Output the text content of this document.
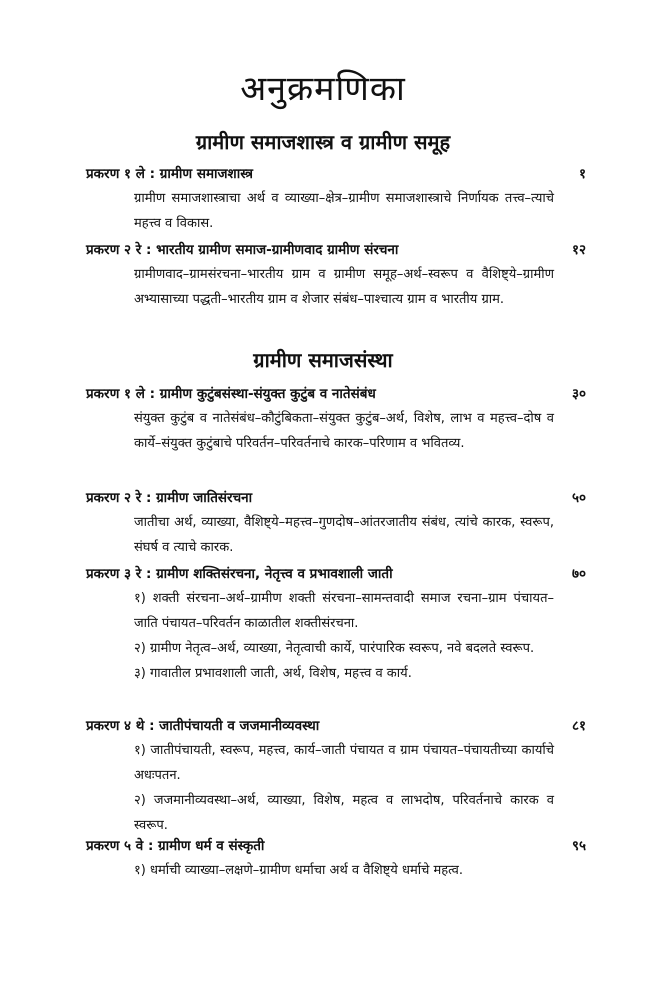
अनुक्रमणिका
ग्रामीण समाजशास्त्र व ग्रामीण समूह
प्रकरण १ ले : ग्रामीण समाजशास्त्र	१
ग्रामीण समाजशास्त्राचा अर्थ व व्याख्या–क्षेत्र–ग्रामीण समाजशास्त्राचे निर्णायक तत्त्व–त्याचे महत्त्व व विकास.
प्रकरण २ रे : भारतीय ग्रामीण समाज-ग्रामीणवाद ग्रामीण संरचना	१२
ग्रामीणवाद–ग्रामसंरचना–भारतीय ग्राम व ग्रामीण समूह–अर्थ–स्वरूप व वैशिष्ट्ये–ग्रामीण अभ्यासाच्या पद्धती–भारतीय ग्राम व शेजार संबंध–पाश्चात्य ग्राम व भारतीय ग्राम.
ग्रामीण समाजसंस्था
प्रकरण १ ले : ग्रामीण कुटुंबसंस्था-संयुक्त कुटुंब व नातेसंबंध	३०
संयुक्त कुटुंब व नातेसंबंध–कौटुंबिकता–संयुक्त कुटुंब–अर्थ, विशेष, लाभ व महत्त्व–दोष व कार्ये–संयुक्त कुटुंबाचे परिवर्तन–परिवर्तनाचे कारक–परिणाम व भवितव्य.
प्रकरण २ रे : ग्रामीण जातिसंरचना	५०
जातीचा अर्थ, व्याख्या, वैशिष्ट्ये–महत्त्व–गुणदोष–आंतरजातीय संबंध, त्यांचे कारक, स्वरूप, संघर्ष व त्याचे कारक.
प्रकरण ३ रे : ग्रामीण शक्तिसंरचना, नेतृत्त्व व प्रभावशाली जाती	७०
१) शक्ती संरचना–अर्थ–ग्रामीण शक्ती संरचना–सामन्तवादी समाज रचना–ग्राम पंचायत–जाति पंचायत–परिवर्तन काळातील शक्तीसंरचना.
२) ग्रामीण नेतृत्व–अर्थ, व्याख्या, नेतृत्वाची कार्ये, पारंपारिक स्वरूप, नवे बदलते स्वरूप.
३) गावातील प्रभावशाली जाती, अर्थ, विशेष, महत्त्व व कार्य.
प्रकरण ४ थे : जातीपंचायती व जजमानीव्यवस्था	८१
१) जातीपंचायती, स्वरूप, महत्त्व, कार्य–जाती पंचायत व ग्राम पंचायत–पंचायतीच्या कार्याचे अधःपतन.
२) जजमानीव्यवस्था–अर्थ, व्याख्या, विशेष, महत्व व लाभदोष, परिवर्तनाचे कारक व स्वरूप.
प्रकरण ५ वे : ग्रामीण धर्म व संस्कृती	९५
१) धर्माची व्याख्या–लक्षणे–ग्रामीण धर्माचा अर्थ व वैशिष्ट्ये धर्माचे महत्व.
